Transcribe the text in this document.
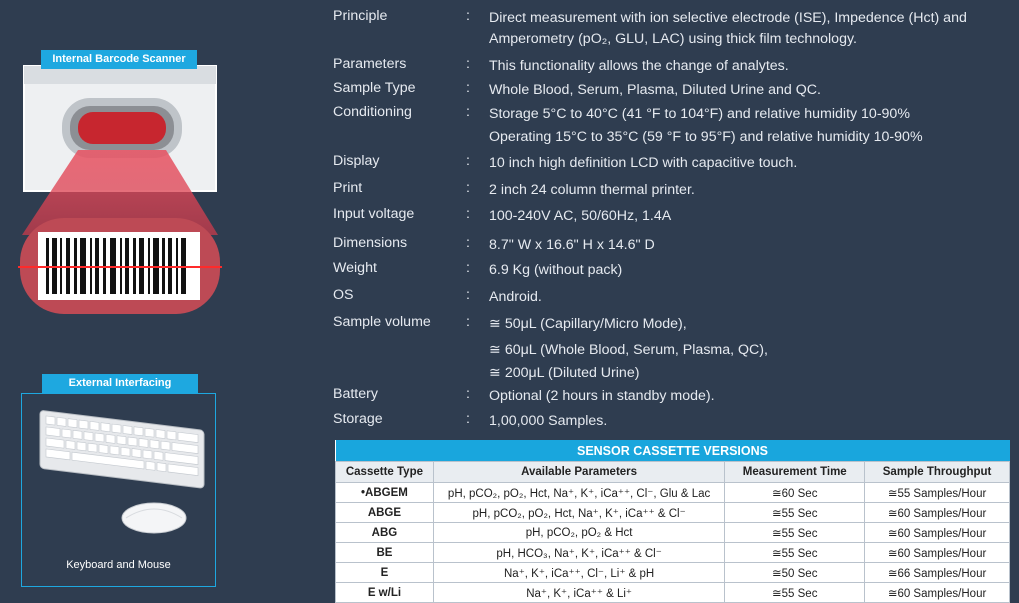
Internal Barcode Scanner
External Interfacing
Keyboard and Mouse
Principle	: Direct measurement with ion selective electrode (ISE), Impedence (Hct) and Amperometry (pO₂, GLU, LAC) using thick film technology.
Parameters	: This functionality allows the change of analytes.
Sample Type	: Whole Blood, Serum, Plasma, Diluted Urine and QC.
Conditioning	: Storage 5°C to 40°C (41 °F to 104°F) and relative humidity 10-90%
Operating 15°C to 35°C (59 °F to 95°F) and relative humidity 10-90%
Display	: 10 inch high definition LCD with capacitive touch.
Print	: 2 inch 24 column thermal printer.
Input voltage	: 100-240V AC, 50/60Hz, 1.4A
Dimensions	: 8.7" W x 16.6" H x 14.6" D
Weight	: 6.9 Kg (without pack)
OS	: Android.
Sample volume	: ≅ 50μL (Capillary/Micro Mode),
≅ 60μL (Whole Blood, Serum, Plasma, QC),
≅ 200μL (Diluted Urine)
Battery	: Optional (2 hours in standby mode).
Storage	: 1,00,000 Samples.
SENSOR CASSETTE VERSIONS			
Cassette Type	Available Parameters	Measurement Time	Sample Throughput
•ABGEM	pH, pCO₂, pO₂, Hct, Na⁺, K⁺, iCa⁺⁺, Cl⁻, Glu & Lac	≅60 Sec	≅55 Samples/Hour
ABGE	pH, pCO₂, pO₂, Hct, Na⁺, K⁺, iCa⁺⁺ & Cl⁻	≅55 Sec	≅60 Samples/Hour
ABG	pH, pCO₂, pO₂ & Hct	≅55 Sec	≅60 Samples/Hour
BE	pH, HCO₃, Na⁺, K⁺, iCa⁺⁺ & Cl⁻	≅55 Sec	≅60 Samples/Hour
E	Na⁺, K⁺, iCa⁺⁺, Cl⁻, Li⁺ & pH	≅50 Sec	≅66 Samples/Hour
E w/Li	Na⁺, K⁺, iCa⁺⁺ & Li⁺	≅55 Sec	≅60 Samples/Hour
